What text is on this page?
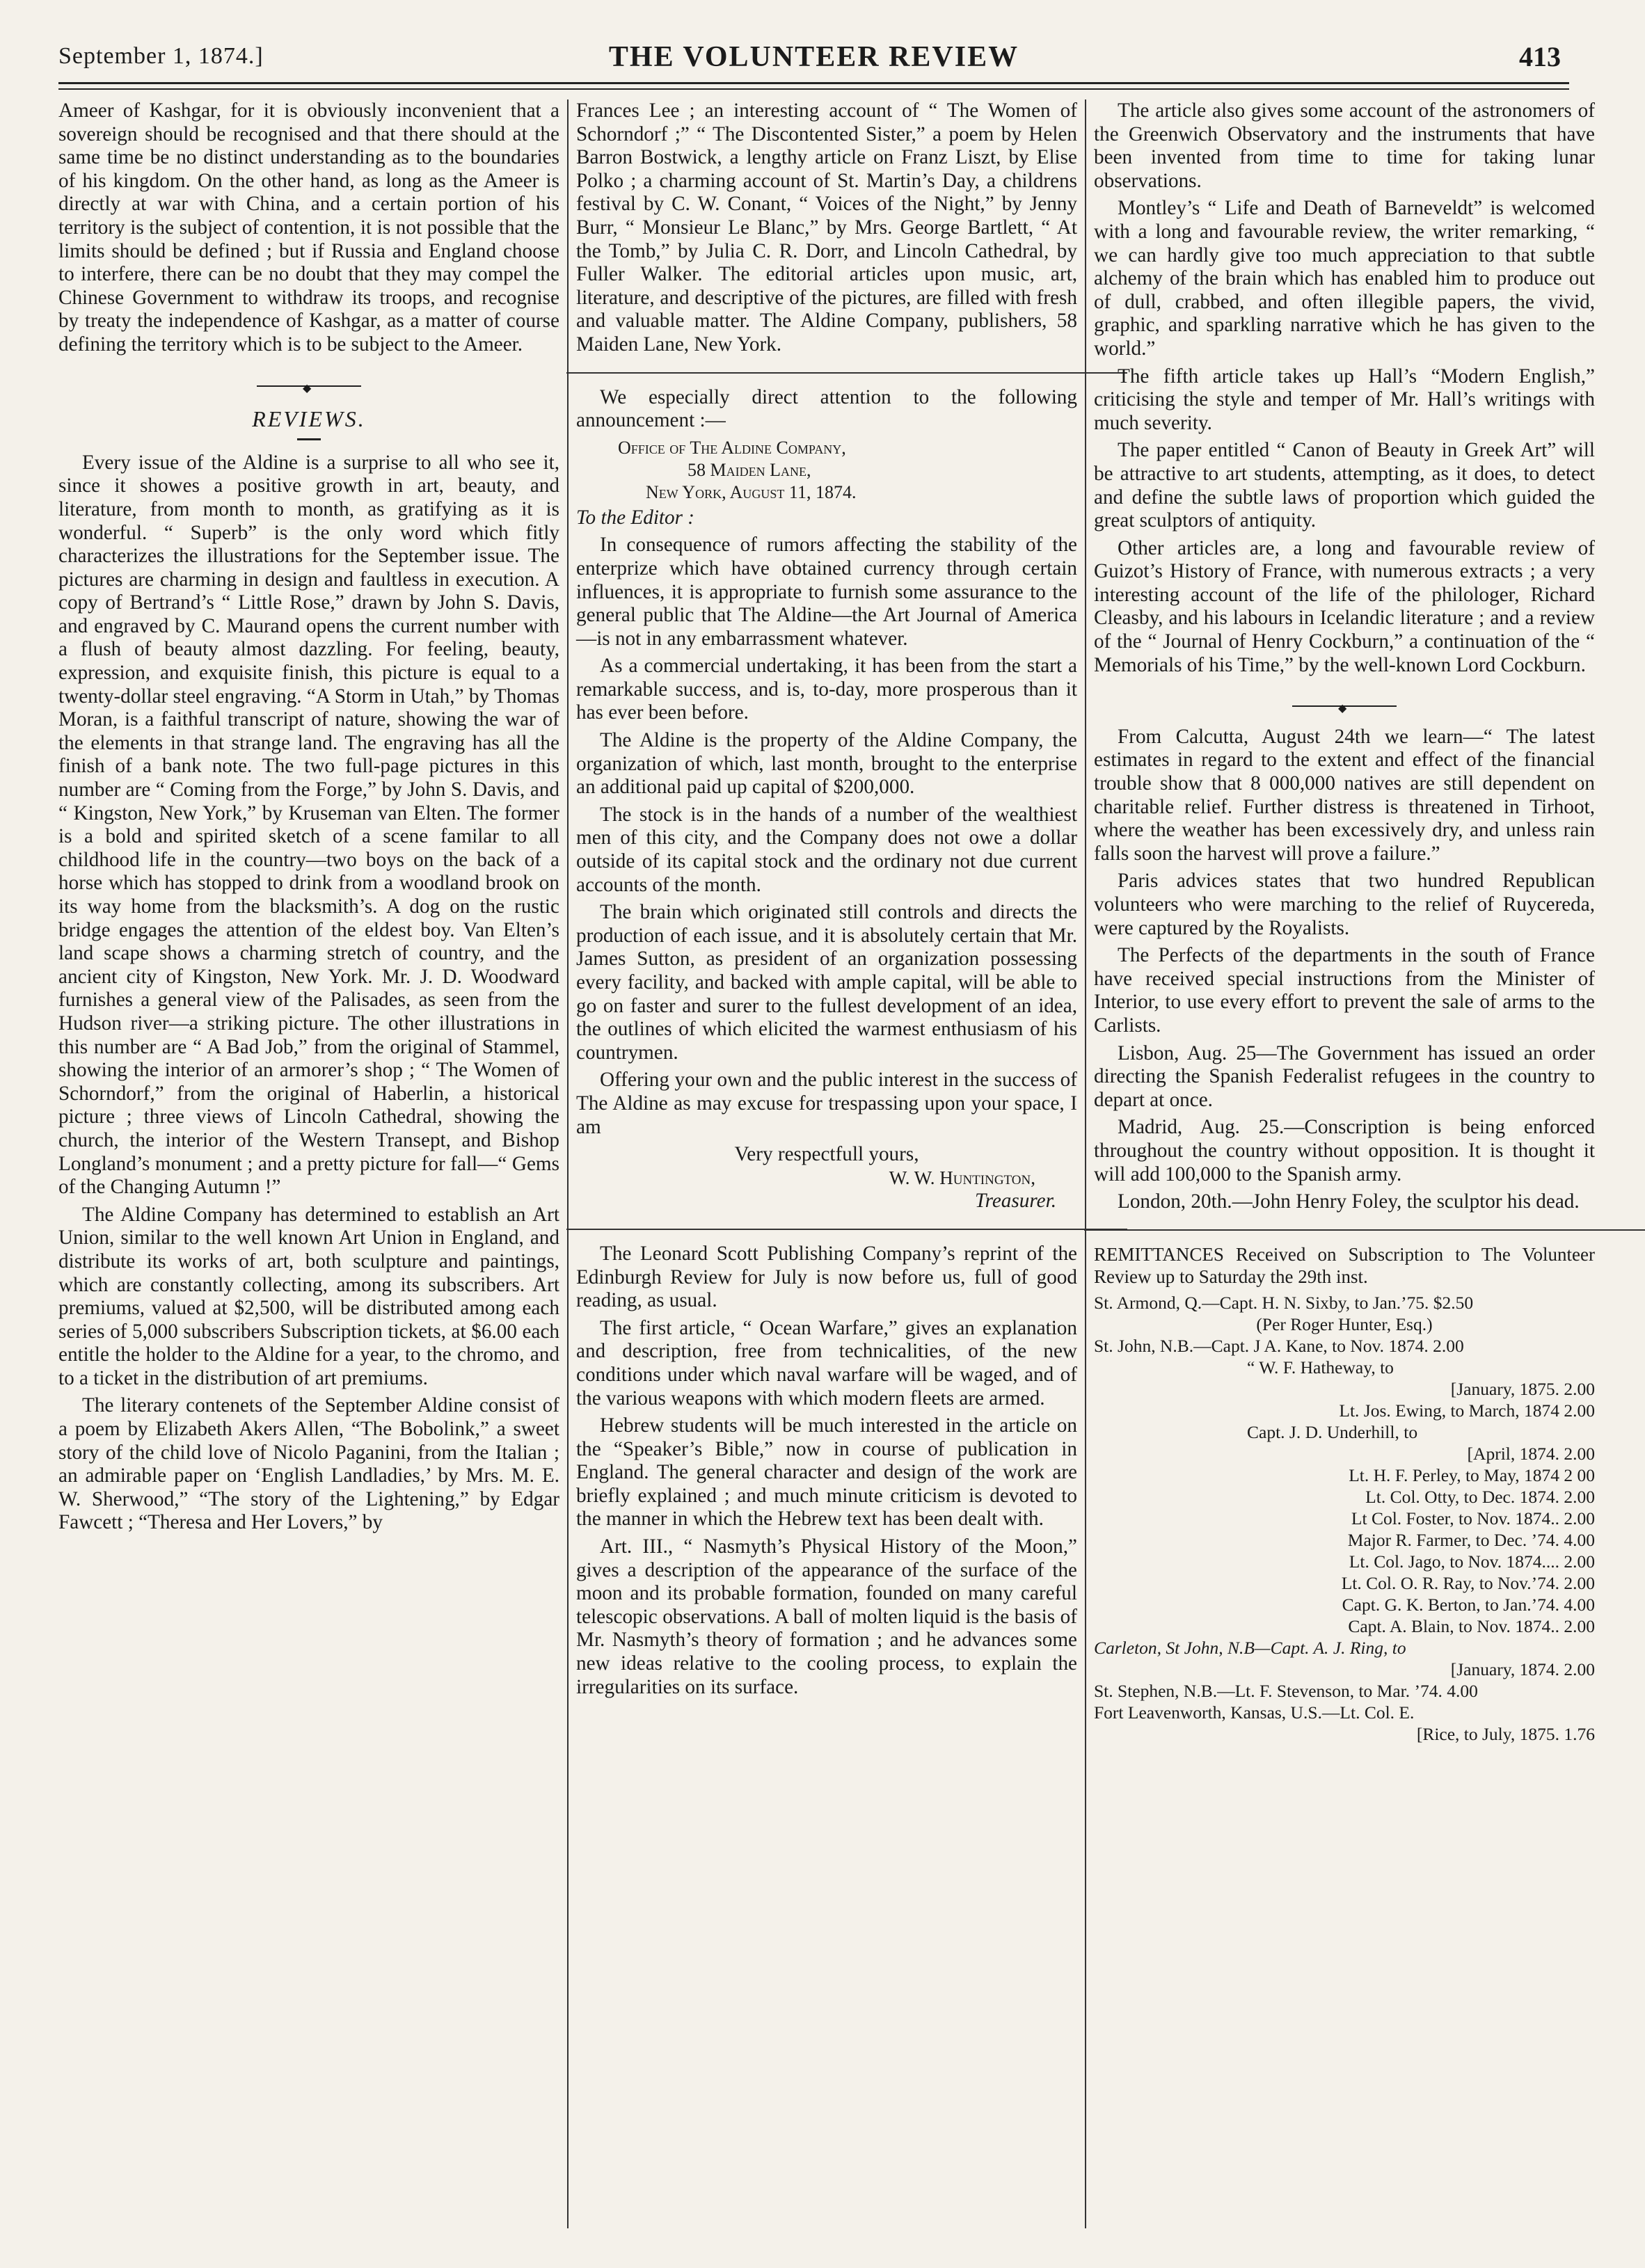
September 1, 1874.]	THE VOLUNTEER REVIEW	413

Ameer of Kashgar, for it is obviously inconvenient that a sovereign should be recognised and that there should at the same time be no distinct understanding as to the boundaries of his kingdom. On the other hand, as long as the Ameer is directly at war with China, and a certain portion of his territory is the subject of contention, it is not possible that the limits should be defined ; but if Russia and England choose to interfere, there can be no doubt that they may compel the Chinese Government to withdraw its troops, and recognise by treaty the independence of Kashgar, as a matter of course defining the territory which is to be subject to the Ameer.

◆
REVIEWS.

Every issue of the Aldine is a surprise to all who see it, since it showes a positive growth in art, beauty, and literature, from month to month, as gratifying as it is wonderful. “ Superb” is the only word which fitly characterizes the illustrations for the September issue. The pictures are charming in design and faultless in execution. A copy of Bertrand’s “ Little Rose,” drawn by John S. Davis, and engraved by C. Maurand opens the current number with a flush of beauty almost dazzling. For feeling, beauty, expression, and exquisite finish, this picture is equal to a twenty-dollar steel engraving. “A Storm in Utah,” by Thomas Moran, is a faithful transcript of nature, showing the war of the elements in that strange land. The engraving has all the finish of a bank note. The two full-page pictures in this number are “ Coming from the Forge,” by John S. Davis, and “ Kingston, New York,” by Kruseman van Elten. The former is a bold and spirited sketch of a scene familar to all childhood life in the country—two boys on the back of a horse which has stopped to drink from a woodland brook on its way home from the blacksmith’s. A dog on the rustic bridge engages the attention of the eldest boy. Van Elten’s land scape shows a charming stretch of country, and the ancient city of Kingston, New York. Mr. J. D. Woodward furnishes a general view of the Palisades, as seen from the Hudson river—a striking picture. The other illustrations in this number are “ A Bad Job,” from the original of Stammel, showing the interior of an armorer’s shop ; “ The Women of Schorndorf,” from the original of Haberlin, a historical picture ; three views of Lincoln Cathedral, showing the church, the interior of the Western Transept, and Bishop Longland’s monument ; and a pretty picture for fall—“ Gems of the Changing Autumn !”

The Aldine Company has determined to establish an Art Union, similar to the well known Art Union in England, and distribute its works of art, both sculpture and paintings, which are constantly collecting, among its subscribers. Art premiums, valued at $2,500, will be distributed among each series of 5,000 subscribers Subscription tickets, at $6.00 each entitle the holder to the Aldine for a year, to the chromo, and to a ticket in the distribution of art premiums.

The literary contenets of the September Aldine consist of a poem by Elizabeth Akers Allen, “The Bobolink,” a sweet story of the child love of Nicolo Paganini, from the Italian ; an admirable paper on ‘English Landladies,’ by Mrs. M. E. W. Sherwood,” “The story of the Lightening,” by Edgar Fawcett ; “Theresa and Her Lovers,” by

Frances Lee ; an interesting account of “ The Women of Schorndorf ;” “ The Discontented Sister,” a poem by Helen Barron Bostwick, a lengthy article on Franz Liszt, by Elise Polko ; a charming account of St. Martin’s Day, a childrens festival by C. W. Conant, “ Voices of the Night,” by Jenny Burr, “ Monsieur Le Blanc,” by Mrs. George Bartlett, “ At the Tomb,” by Julia C. R. Dorr, and Lincoln Cathedral, by Fuller Walker. The editorial articles upon music, art, literature, and descriptive of the pictures, are filled with fresh and valuable matter. The Aldine Company, publishers, 58 Maiden Lane, New York.

We especially direct attention to the following announcement :—

Office of The Aldine Company,
58 Maiden Lane,
New York, August 11, 1874.

To the Editor :

In consequence of rumors affecting the stability of the enterprize which have obtained currency through certain influences, it is appropriate to furnish some assurance to the general public that The Aldine—the Art Journal of America—is not in any embarrassment whatever.

As a commercial undertaking, it has been from the start a remarkable success, and is, to-day, more prosperous than it has ever been before.

The Aldine is the property of the Aldine Company, the organization of which, last month, brought to the enterprise an additional paid up capital of $200,000.

The stock is in the hands of a number of the wealthiest men of this city, and the Company does not owe a dollar outside of its capital stock and the ordinary not due current accounts of the month.

The brain which originated still controls and directs the production of each issue, and it is absolutely certain that Mr. James Sutton, as president of an organization possessing every facility, and backed with ample capital, will be able to go on faster and surer to the fullest development of an idea, the outlines of which elicited the warmest enthusiasm of his countrymen.

Offering your own and the public interest in the success of The Aldine as may excuse for trespassing upon your space, I am

Very respectfull yours,
W. W. Huntington,
Treasurer.

The Leonard Scott Publishing Company’s reprint of the Edinburgh Review for July is now before us, full of good reading, as usual.

The first article, “ Ocean Warfare,” gives an explanation and description, free from technicalities, of the new conditions under which naval warfare will be waged, and of the various weapons with which modern fleets are armed.

Hebrew students will be much interested in the article on the “Speaker’s Bible,” now in course of publication in England. The general character and design of the work are briefly explained ; and much minute criticism is devoted to the manner in which the Hebrew text has been dealt with.

Art. III., “ Nasmyth’s Physical History of the Moon,” gives a description of the appearance of the surface of the moon and its probable formation, founded on many careful telescopic observations. A ball of molten liquid is the basis of Mr. Nasmyth’s theory of formation ; and he advances some new ideas relative to the cooling process, to explain the irregularities on its surface.

The article also gives some account of the astronomers of the Greenwich Observatory and the instruments that have been invented from time to time for taking lunar observations.

Montley’s “ Life and Death of Barneveldt” is welcomed with a long and favourable review, the writer remarking, “ we can hardly give too much appreciation to that subtle alchemy of the brain which has enabled him to produce out of dull, crabbed, and often illegible papers, the vivid, graphic, and sparkling narrative which he has given to the world.”

The fifth article takes up Hall’s “Modern English,” criticising the style and temper of Mr. Hall’s writings with much severity.

The paper entitled “ Canon of Beauty in Greek Art” will be attractive to art students, attempting, as it does, to detect and define the subtle laws of proportion which guided the great sculptors of antiquity.

Other articles are, a long and favourable review of Guizot’s History of France, with numerous extracts ; a very interesting account of the life of the philologer, Richard Cleasby, and his labours in Icelandic literature ; and a review of the “ Journal of Henry Cockburn,” a continuation of the “ Memorials of his Time,” by the well-known Lord Cockburn.

◆

From Calcutta, August 24th we learn—“ The latest estimates in regard to the extent and effect of the financial trouble show that 8 000,000 natives are still dependent on charitable relief. Further distress is threatened in Tirhoot, where the weather has been excessively dry, and unless rain falls soon the harvest will prove a failure.”

Paris advices states that two hundred Republican volunteers who were marching to the relief of Ruycereda, were captured by the Royalists.

The Perfects of the departments in the south of France have received special instructions from the Minister of Interior, to use every effort to prevent the sale of arms to the Carlists.

Lisbon, Aug. 25—The Government has issued an order directing the Spanish Federalist refugees in the country to depart at once.

Madrid, Aug. 25.—Conscription is being enforced throughout the country without opposition. It is thought it will add 100,000 to the Spanish army.

London, 20th.—John Henry Foley, the sculptor his dead.

REMITTANCES Received on Subscription to The Volunteer Review up to Saturday the 29th inst.

St. Armond, Q.—Capt. H. N. Sixby, to Jan.’75. $2.50
(Per Roger Hunter, Esq.)
St. John, N.B.—Capt. J A. Kane, to Nov. 1874. 2.00
“ W. F. Hatheway, to
[January, 1875. 2.00
Lt. Jos. Ewing, to March, 1874 2.00
Capt. J. D. Underhill, to
[April, 1874. 2.00
Lt. H. F. Perley, to May, 1874 2 00
Lt. Col. Otty, to Dec. 1874. 2.00
Lt Col. Foster, to Nov. 1874.. 2.00
Major R. Farmer, to Dec. ’74. 4.00
Lt. Col. Jago, to Nov. 1874.... 2.00
Lt. Col. O. R. Ray, to Nov.’74. 2.00
Capt. G. K. Berton, to Jan.’74. 4.00
Capt. A. Blain, to Nov. 1874.. 2.00
Carleton, St John, N.B—Capt. A. J. Ring, to
[January, 1874. 2.00
St. Stephen, N.B.—Lt. F. Stevenson, to Mar. ’74. 4.00
Fort Leavenworth, Kansas, U.S.—Lt. Col. E.
[Rice, to July, 1875. 1.76
